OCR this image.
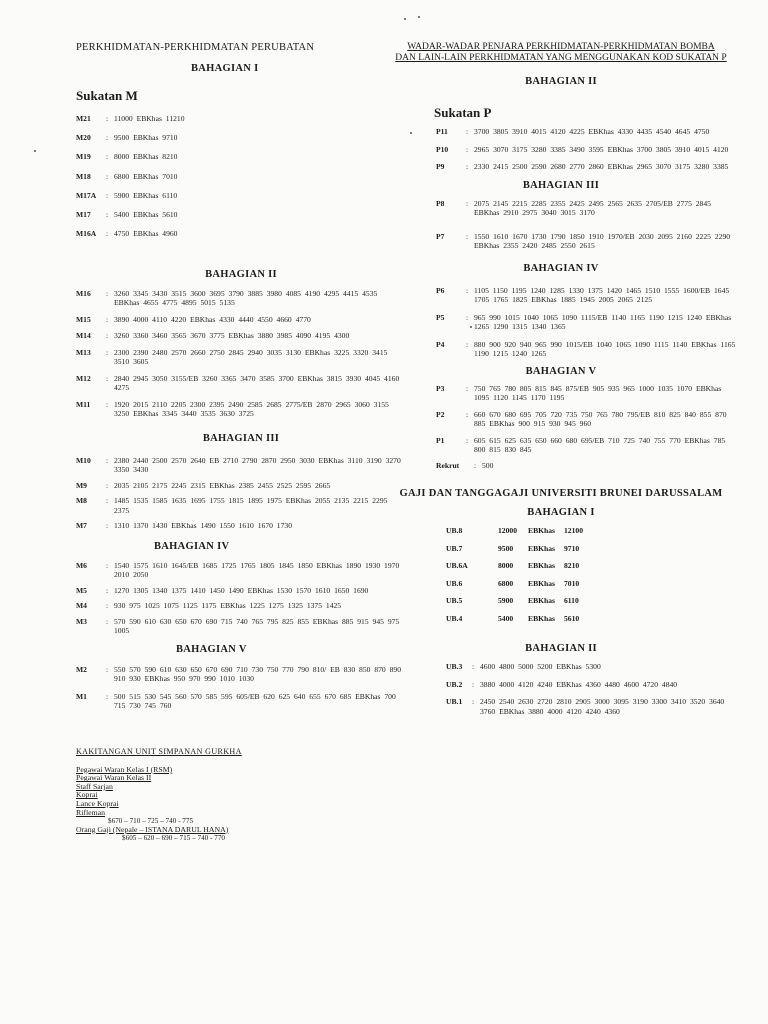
PERKHIDMATAN-PERKHIDMATAN PERUBATAN

BAHAGIAN I

Sukatan M

M21	: 11000 EBKhas 11210
M20	: 9500 EBKhas 9710
M19	: 8000 EBKhas 8210
M18	: 6800 EBKhas 7010
M17A	: 5900 EBKhas 6110
M17	: 5400 EBKhas 5610
M16A	: 4750 EBKhas 4960

BAHAGIAN II

M16	: 3260 3345 3430 3515 3600 3695 3790 3885 3980 4085 4190 4295 4415 4535 EBKhas 4655 4775 4895 5015 5135
M15	: 3890 4000 4110 4220 EBKhas 4330 4440 4550 4660 4770
M14	: 3260 3360 3460 3565 3670 3775 EBKhas 3880 3985 4090 4195 4300
M13	: 2300 2390 2480 2570 2660 2750 2845 2940 3035 3130 EBKhas 3225 3320 3415 3510 3605
M12	: 2840 2945 3050 3155/EB 3260 3365 3470 3585 3700 EBKhas 3815 3930 4045 4160 4275
M11	: 1920 2015 2110 2205 2300 2395 2490 2585 2685 2775/EB 2870 2965 3060 3155 3250 EBKhas 3345 3440 3535 3630 3725

BAHAGIAN III

M10	: 2380 2440 2500 2570 2640 EB 2710 2790 2870 2950 3030 EBKhas 3110 3190 3270 3350 3430
M9	: 2035 2105 2175 2245 2315 EBKhas 2385 2455 2525 2595 2665
M8	: 1485 1535 1585 1635 1695 1755 1815 1895 1975 EBKhas 2055 2135 2215 2295 2375
M7	: 1310 1370 1430 EBKhas 1490 1550 1610 1670 1730

BAHAGIAN IV

M6	: 1540 1575 1610 1645/EB 1685 1725 1765 1805 1845 1850 EBKhas 1890 1930 1970 2010 2050
M5	: 1270 1305 1340 1375 1410 1450 1490 EBKhas 1530 1570 1610 1650 1690
M4	: 930 975 1025 1075 1125 1175 EBKhas 1225 1275 1325 1375 1425
M3	: 570 590 610 630 650 670 690 715 740 765 795 825 855 EBKhas 885 915 945 975 1005

BAHAGIAN V

M2	: 550 570 590 610 630 650 670 690 710 730 750 770 790 810/ EB 830 850 870 890 910 930 EBKhas 950 970 990 1010 1030
M1	: 500 515 530 545 560 570 585 595 605/EB 620 625 640 655 670 685 EBKhas 700 715 730 745 760
KAKITANGAN UNIT SIMPANAN GURKHA
Pegawai Waran Kelas I (RSM)
Pegawai Waran Kelas II
Staff Sarjan
Koprai
Lance Koprai
Rifleman
$670 – 710 – 725 – 740 - 775
Orang Gaji (Nepale – ISTANA DARUL HANA)
$605 – 620 – 690 – 715 – 740 - 770
WADAR-WADAR PENJARA PERKHIDMATAN-PERKHIDMATAN BOMBA
DAN LAIN-LAIN PERKHIDMATAN YANG MENGGUNAKAN KOD SUKATAN P

BAHAGIAN II

Sukatan P

P11	: 3700 3805 3910 4015 4120 4225 EBKhas 4330 4435 4540 4645 4750
P10	: 2965 3070 3175 3280 3385 3490 3595 EBKhas 3700 3805 3910 4015 4120
P9	: 2330 2415 2500 2590 2680 2770 2860 EBKhas 2965 3070 3175 3280 3385

BAHAGIAN III

P8	: 2075 2145 2215 2285 2355 2425 2495 2565 2635 2705/EB 2775 2845 EBKhas 2910 2975 3040 3015 3170
P7	: 1550 1610 1670 1730 1790 1850 1910 1970/EB 2030 2095 2160 2225 2290 EBKhas 2355 2420 2485 2550 2615

BAHAGIAN IV

P6	: 1105 1150 1195 1240 1285 1330 1375 1420 1465 1510 1555 1600/EB 1645 1705 1765 1825 EBKhas 1885 1945 2005 2065 2125
P5	: 965 990 1015 1040 1065 1090 1115/EB 1140 1165 1190 1215 1240 EBKhas 1265 1290 1315 1340 1365
P4	: 880 900 920 940 965 990 1015/EB 1040 1065 1090 1115 1140 EBKhas 1165 1190 1215 1240 1265

BAHAGIAN V

P3	: 750 765 780 805 815 845 875/EB 905 935 965 1000 1035 1070 EBKhas 1095 1120 1145 1170 1195
P2	: 660 670 680 695 705 720 735 750 765 780 795/EB 810 825 840 855 870 885 EBKhas 900 915 930 945 960
P1	: 605 615 625 635 650 660 680 695/EB 710 725 740 755 770 EBKhas 785 800 815 830 845
Rekrut	: 500

GAJI DAN TANGGAGAJI UNIVERSITI BRUNEI DARUSSALAM

BAHAGIAN I

UB.8	12000	EBKhas	12100
UB.7	9500	EBKhas	9710
UB.6A	8000	EBKhas	8210
UB.6	6800	EBKhas	7010
UB.5	5900	EBKhas	6110
UB.4	5400	EBKhas	5610

BAHAGIAN II

UB.3	: 4600 4800 5000 5200 EBKhas 5300
UB.2	: 3880 4000 4120 4240 EBKhas 4360 4480 4600 4720 4840
UB.1	: 2450 2540 2630 2720 2810 2905 3000 3095 3190 3300 3410 3520 3640 3760 EBKhas 3880 4000 4120 4240 4360
